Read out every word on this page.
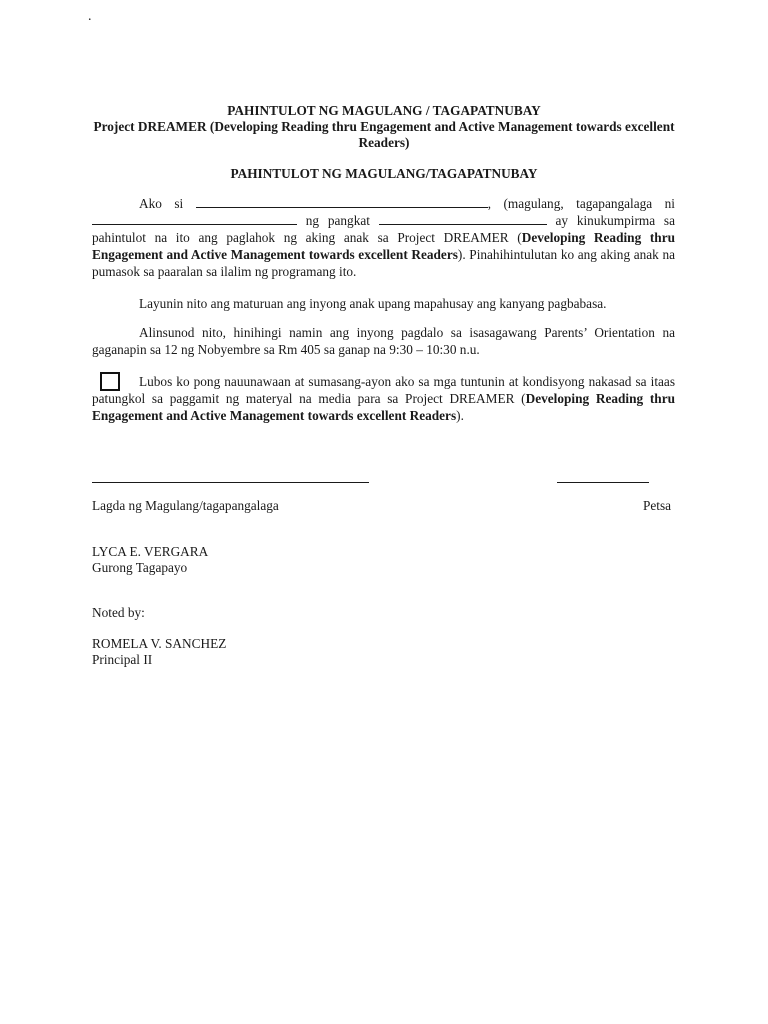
.
PAHINTULOT NG MAGULANG / TAGAPATNUBAY
Project DREAMER (Developing Reading thru Engagement and Active Management towards excellent Readers)
PAHINTULOT NG MAGULANG/TAGAPATNUBAY
Ako si	, (magulang, tagapangalaga ni  ng pangkat	ay kinukumpirma sa pahintulot na ito ang paglahok ng aking anak sa Project DREAMER (Developing Reading thru Engagement and Active Management towards excellent Readers). Pinahihintulutan ko ang aking anak na pumasok sa paaralan sa ilalim ng programang ito.
Layunin nito ang maturuan ang inyong anak upang mapahusay ang kanyang pagbabasa.
Alinsunod nito, hinihingi namin ang inyong pagdalo sa isasagawang Parents’ Orientation na gaganapin sa 12 ng Nobyembre sa Rm 405 sa ganap na 9:30 – 10:30 n.u.
Lubos ko pong nauunawaan at sumasang-ayon ako sa mga tuntunin at kondisyong nakasad sa itaas patungkol sa paggamit ng materyal na media para sa Project DREAMER (Developing Reading thru Engagement and Active Management towards excellent Readers).
Lagda ng Magulang/tagapangalaga	Petsa
LYCA E. VERGARA
Gurong Tagapayo
Noted by:
ROMELA V. SANCHEZ
Principal II
